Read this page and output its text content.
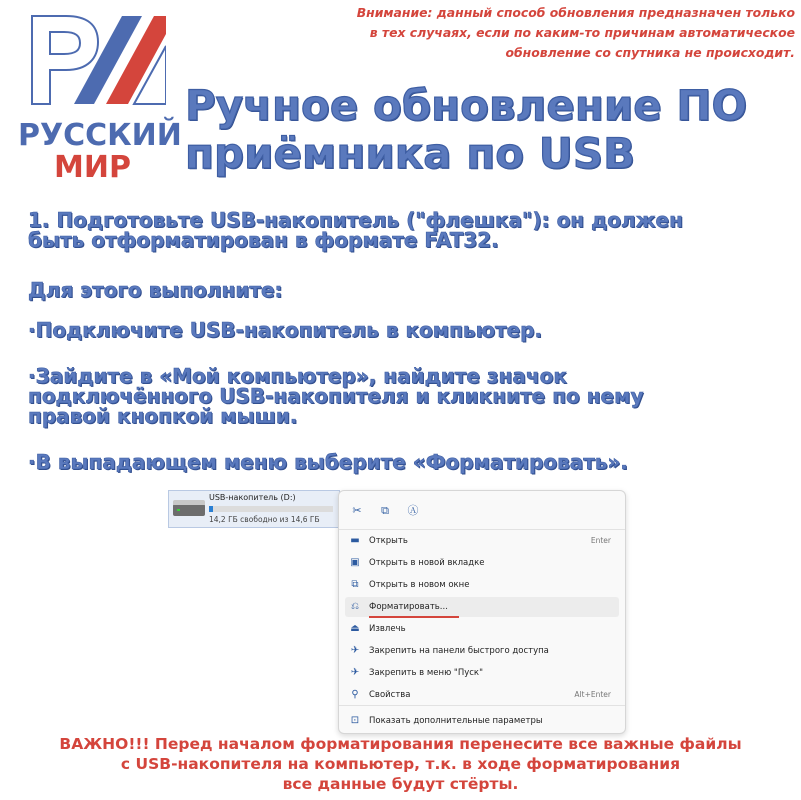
РУССКИЙ
МИР
Внимание: данный способ обновления предназначен только
в тех случаях, если по каким-то причинам автоматическое
обновление со спутника не происходит.
Ручное обновление ПО
приёмника по USB
1. Подготовьте USB-накопитель ("флешка"): он должен
быть отформатирован в формате FAT32.
Для этого выполните:
·Подключите USB-накопитель в компьютер.
·Зайдите в «Мой компьютер», найдите значок
подключённого USB-накопителя и кликните по нему
правой кнопкой мыши.
·В выпадающем меню выберите «Форматировать».
USB-накопитель (D:)
14,2 ГБ свободно из 14,6 ГБ
✂ ⧉ Ⓐ
▬ Открыть	Enter
▣ Открыть в новой вкладке
⧉ Открыть в новом окне
⎌ Форматировать...
⏏ Извлечь
✈ Закрепить на панели быстрого доступа
✈ Закрепить в меню "Пуск"
⚲ Свойства	Alt+Enter
⊡ Показать дополнительные параметры
ВАЖНО!!! Перед началом форматирования перенесите все важные файлы
с USB-накопителя на компьютер, т.к. в ходе форматирования
все данные будут стёрты.
